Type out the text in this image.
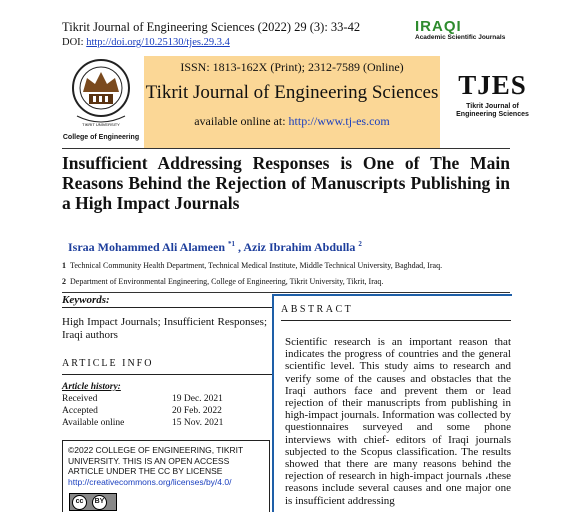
Tikrit Journal of Engineering Sciences (2022) 29 (3): 33-42
DOI: http://doi.org/10.25130/tjes.29.3.4
IRAQI
Academic Scientific Journals
TIKRIT UNIVERSITY
College of Engineering
ISSN: 1813-162X (Print); 2312-7589 (Online)
Tikrit Journal of Engineering Sciences
available online at: http://www.tj-es.com
TJES
Tikrit Journal of
Engineering Sciences
Insufficient Addressing Responses is One of The Main Reasons Behind the Rejection of Manuscripts Publishing in a High Impact Journals
Israa Mohammed Ali Alameen $^{*1}$ , Aziz Ibrahim Abdulla $^2$
1 Technical Community Health Department, Technical Medical Institute, Middle Technical University, Baghdad, Iraq.
2 Department of Environmental Engineering, College of Engineering, Tikrit University, Tikrit, Iraq.
Keywords:
High Impact Journals; Insufficient Responses; Iraqi authors
ARTICLE INFO
Article history:
Received	19 Dec. 2021
Accepted	20 Feb. 2022
Available online	15 Nov. 2021
©2022 COLLEGE OF ENGINEERING, TIKRIT UNIVERSITY. THIS IS AN OPEN ACCESS ARTICLE UNDER THE CC BY LICENSE
http://creativecommons.org/licenses/by/4.0/
cc	BY
ABSTRACT
Scientific research is an important reason that indicates the progress of countries and the general scientific level. This study aims to research and verify some of the causes and obstacles that the Iraqi authors face and prevent them or lead rejection of their manuscripts from publishing in high-impact journals. Information was collected by questionnaires surveyed and some phone interviews with chief- editors of Iraqi journals subjected to the Scopus classification. The results showed that there are many reasons behind the rejection of research in high-impact journals ،these reasons include several causes and one major one is insufficient addressing
